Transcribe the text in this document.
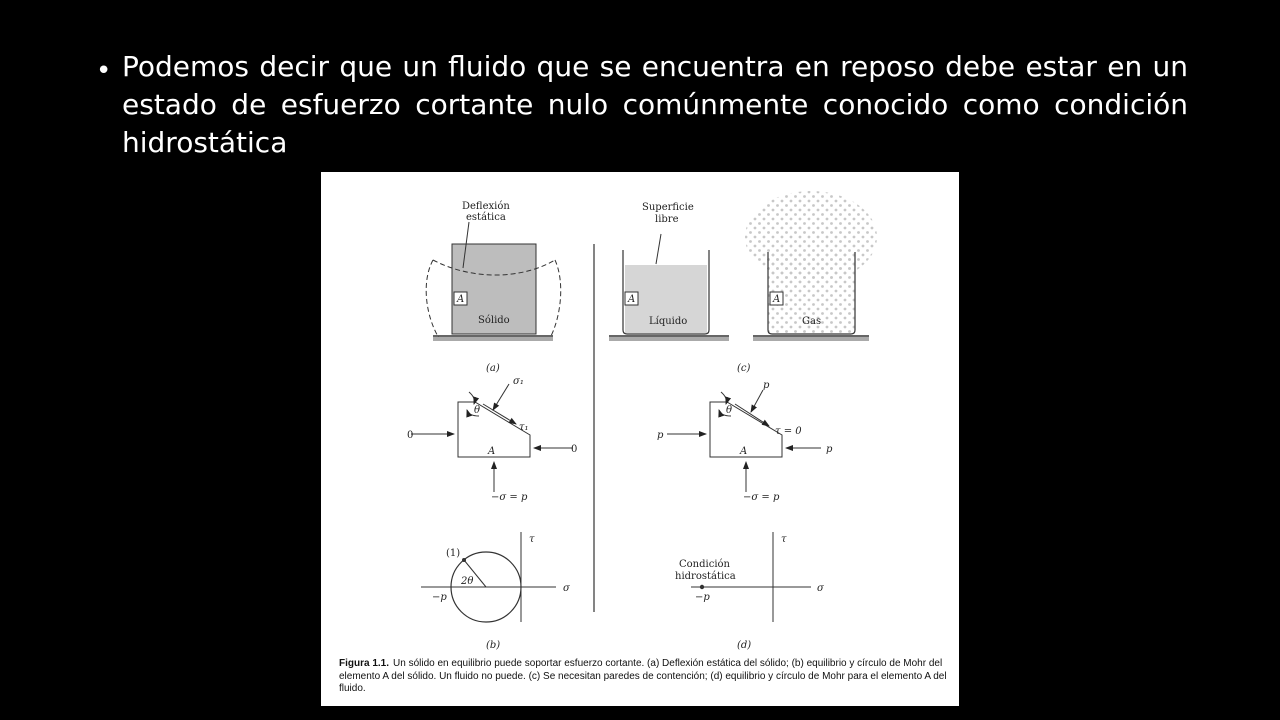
• Podemos decir que un fluido que se encuentra en reposo debe estar en un estado de esfuerzo cortante nulo comúnmente conocido como condición hidrostática
Deflexión
estática
A
Sólido
(a)
Superficie
libre
A
Líquido
A
Gas
(c)
σ₁
τ₁
θ
0
0
A
−σ = p
τ
σ
(1)
2θ
−p
(b)
p
τ = 0
θ
p
p
A
−σ = p
τ
σ
Condición
hidrostática
−p
(d)
Figura 1.1. Un sólido en equilibrio puede soportar esfuerzo cortante. (a) Deflexión estática del sólido; (b) equilibrio y círculo de Mohr del elemento A del sólido. Un fluido no puede. (c) Se necesitan paredes de contención; (d) equilibrio y círculo de Mohr para el elemento A del fluido.
